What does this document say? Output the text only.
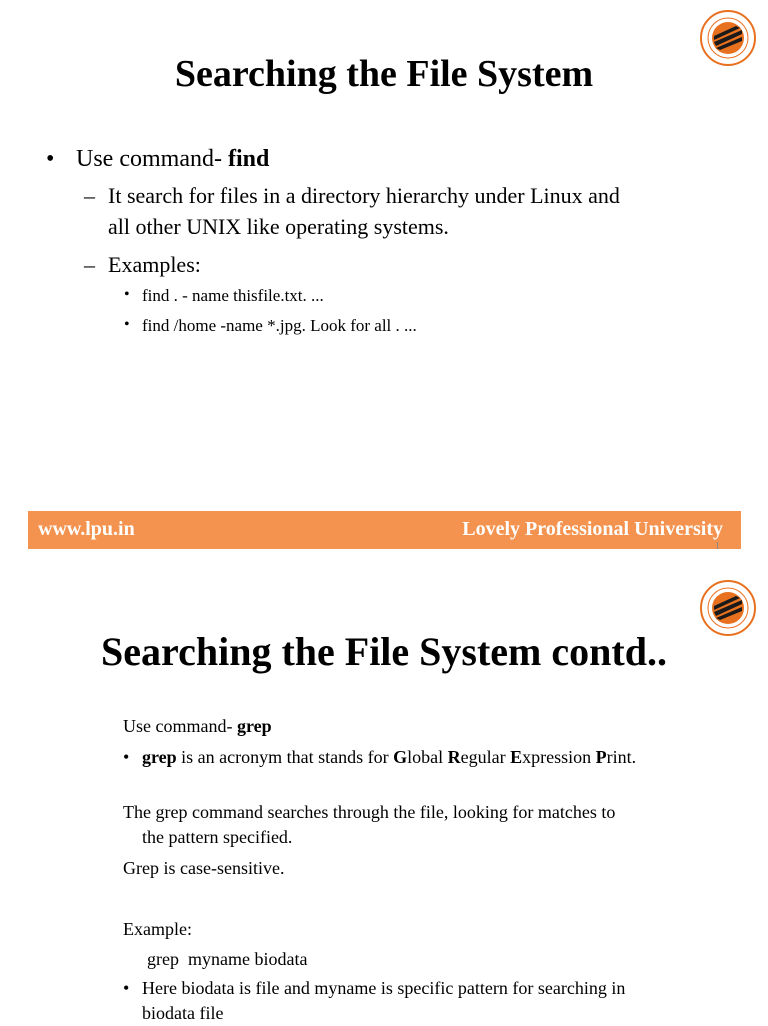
Searching the File System
• Use command- find
– It search for files in a directory hierarchy under Linux and
all other UNIX like operating systems.
– Examples:
• find . - name thisfile.txt. ...
• find /home -name *.jpg. Look for all . ...
www.lpu.in	Lovely Professional University
1
Searching the File System contd..
Use command- grep
• grep is an acronym that stands for Global Regular Expression Print.
The grep command searches through the file, looking for matches to
the pattern specified.
Grep is case-sensitive.
Example:
grep  myname biodata
• Here biodata is file and myname is specific pattern for searching in
biodata file
